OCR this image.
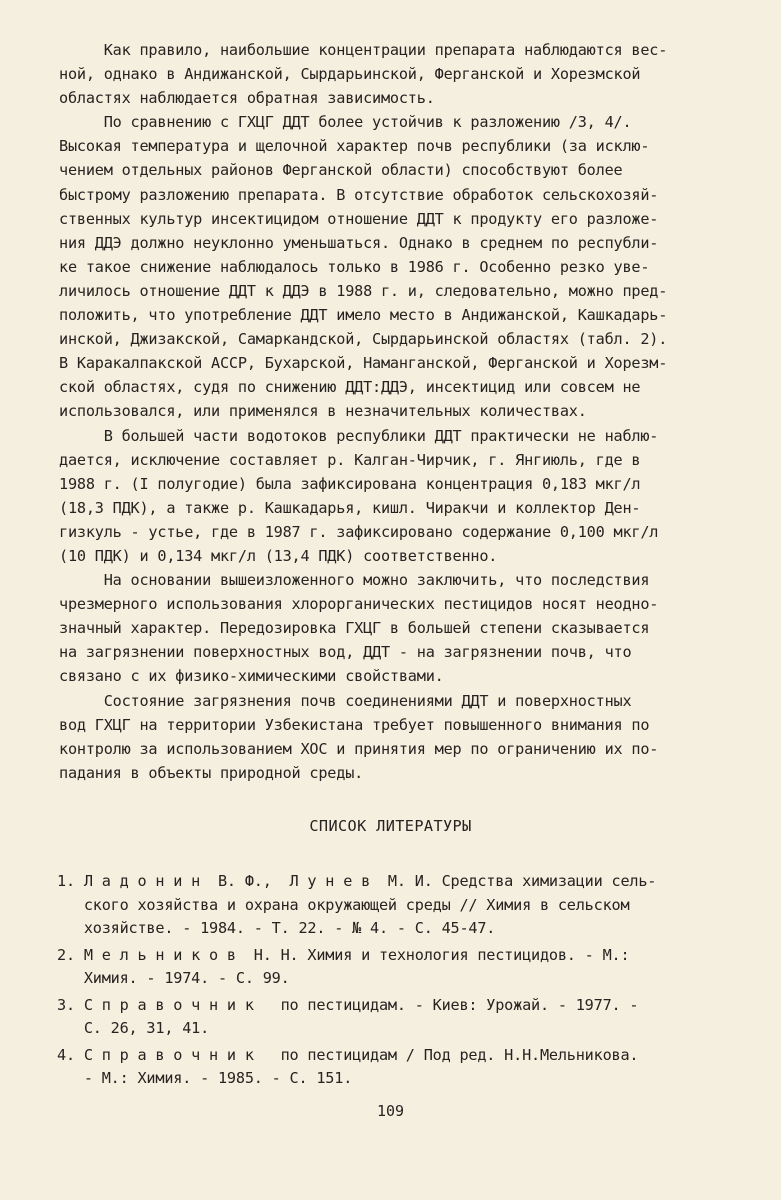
Как правило, наибольшие концентрации препарата наблюдаются вес-
ной, однако в Андижанской, Сырдарьинской, Ферганской и Хорезмской
областях наблюдается обратная зависимость.
По сравнению с ГХЦГ ДДТ более устойчив к разложению /3, 4/.
Высокая температура и щелочной характер почв республики (за исклю-
чением отдельных районов Ферганской области) способствуют более
быстрому разложению препарата. В отсутствие обработок сельскохозяй-
ственных культур инсектицидом отношение ДДТ к продукту его разложе-
ния ДДЭ должно неуклонно уменьшаться. Однако в среднем по республи-
ке такое снижение наблюдалось только в 1986 г. Особенно резко уве-
личилось отношение ДДТ к ДДЭ в 1988 г. и, следовательно, можно пред-
положить, что употребление ДДТ имело место в Андижанской, Кашкадарь-
инской, Джизакской, Самаркандской, Сырдарьинской областях (табл. 2).
В Каракалпакской АССР, Бухарской, Наманганской, Ферганской и Хорезм-
ской областях, судя по снижению ДДТ:ДДЭ, инсектицид или совсем не
использовался, или применялся в незначительных количествах.
В большей части водотоков республики ДДТ практически не наблю-
дается, исключение составляет р. Калган-Чирчик, г. Янгиюль, где в
1988 г. (I полугодие) была зафиксирована концентрация 0,183 мкг/л
(18,3 ПДК), а также р. Кашкадарья, кишл. Чиракчи и коллектор Ден-
гизкуль - устье, где в 1987 г. зафиксировано содержание 0,100 мкг/л
(10 ПДК) и 0,134 мкг/л (13,4 ПДК) соответственно.
На основании вышеизложенного можно заключить, что последствия
чрезмерного использования хлорорганических пестицидов носят неодно-
значный характер. Передозировка ГХЦГ в большей степени сказывается
на загрязнении поверхностных вод, ДДТ - на загрязнении почв, что
связано с их физико-химическими свойствами.
Состояние загрязнения почв соединениями ДДТ и поверхностных
вод ГХЦГ на территории Узбекистана требует повышенного внимания по
контролю за использованием ХОС и принятия мер по ограничению их по-
падания в объекты природной среды.
СПИСОК ЛИТЕРАТУРЫ
1. Л а д о н и н  В. Ф.,  Л у н е в  М. И. Средства химизации сель-
ского хозяйства и охрана окружающей среды // Химия в сельском
хозяйстве. - 1984. - Т. 22. - № 4. - С. 45-47.
2. М е л ь н и к о в  Н. Н. Химия и технология пестицидов. - М.:
Химия. - 1974. - С. 99.
3. С п р а в о ч н и к   по пестицидам. - Киев: Урожай. - 1977. -
С. 26, 31, 41.
4. С п р а в о ч н и к   по пестицидам / Под ред. Н.Н.Мельникова.
- М.: Химия. - 1985. - С. 151.
109
